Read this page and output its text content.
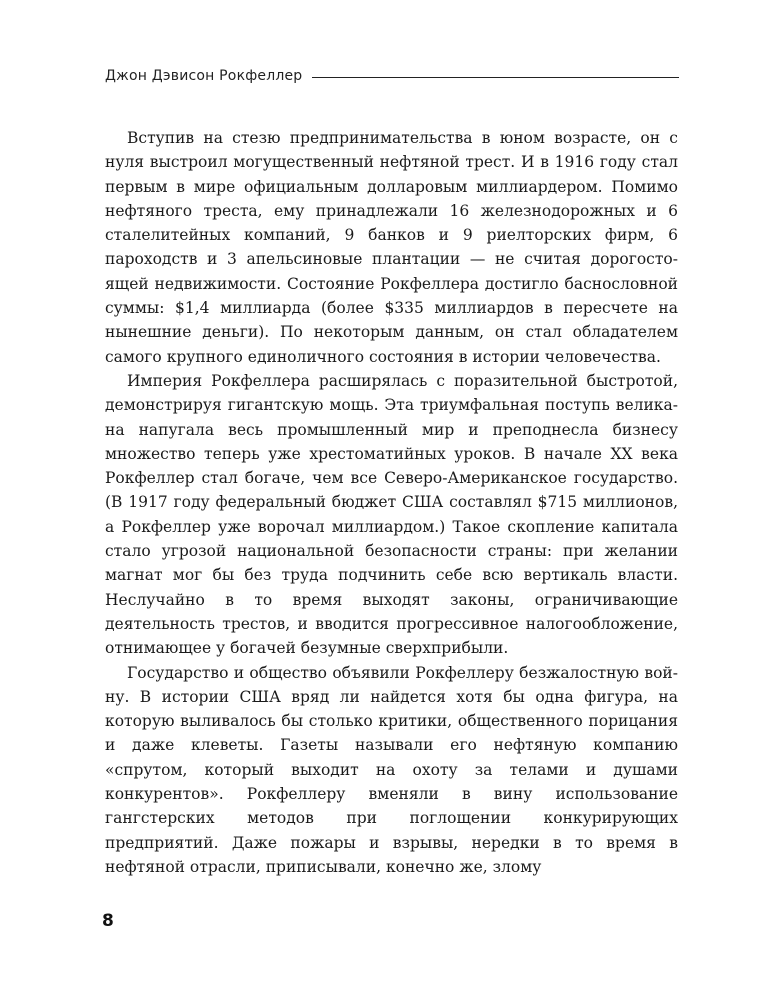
Джон Дэвисон Рокфеллер

Вступив на стезю предпринимательства в юном возрасте, он с нуля выстроил могущественный нефтяной трест. И в 1916 году стал первым в мире официальным долларовым миллиардером. Помимо нефтяного треста, ему принадлежали 16 железнодорожных и 6 сталелитейных компаний, 9 банков и 9 риелторских фирм, 6 пароходств и 3 апельсиновые плантации — не считая дорогостоящей недвижимости. Состояние Рокфеллера достигло баснословной суммы: $1,4 миллиарда (более $335 миллиардов в пересчете на нынешние деньги). По некоторым данным, он стал обладателем самого крупного единоличного состояния в истории человечества.

Империя Рокфеллера расширялась с поразительной быстротой, демонстрируя гигантскую мощь. Эта триумфальная поступь великана напугала весь промышленный мир и преподнесла бизнесу множество теперь уже хрестоматийных уроков. В начале XX века Рокфеллер стал богаче, чем все Северо-Американское государство. (В 1917 году федеральный бюджет США составлял $715 миллионов, а Рокфеллер уже ворочал миллиардом.) Такое скопление капитала стало угрозой национальной безопасности страны: при желании магнат мог бы без труда подчинить себе всю вертикаль власти. Неслучайно в то время выходят законы, ограничивающие деятельность трестов, и вводится прогрессивное налогообложение, отнимающее у богачей безумные сверхприбыли.

Государство и общество объявили Рокфеллеру безжалостную войну. В истории США вряд ли найдется хотя бы одна фигура, на которую выливалось бы столько критики, общественного порицания и даже клеветы. Газеты называли его нефтяную компанию «спрутом, который выходит на охоту за телами и душами конкурентов». Рокфеллеру вменяли в вину использование гангстерских методов при поглощении конкурирующих предприятий. Даже пожары и взрывы, нередки в то время в нефтяной отрасли, приписывали, конечно же, злому

8
